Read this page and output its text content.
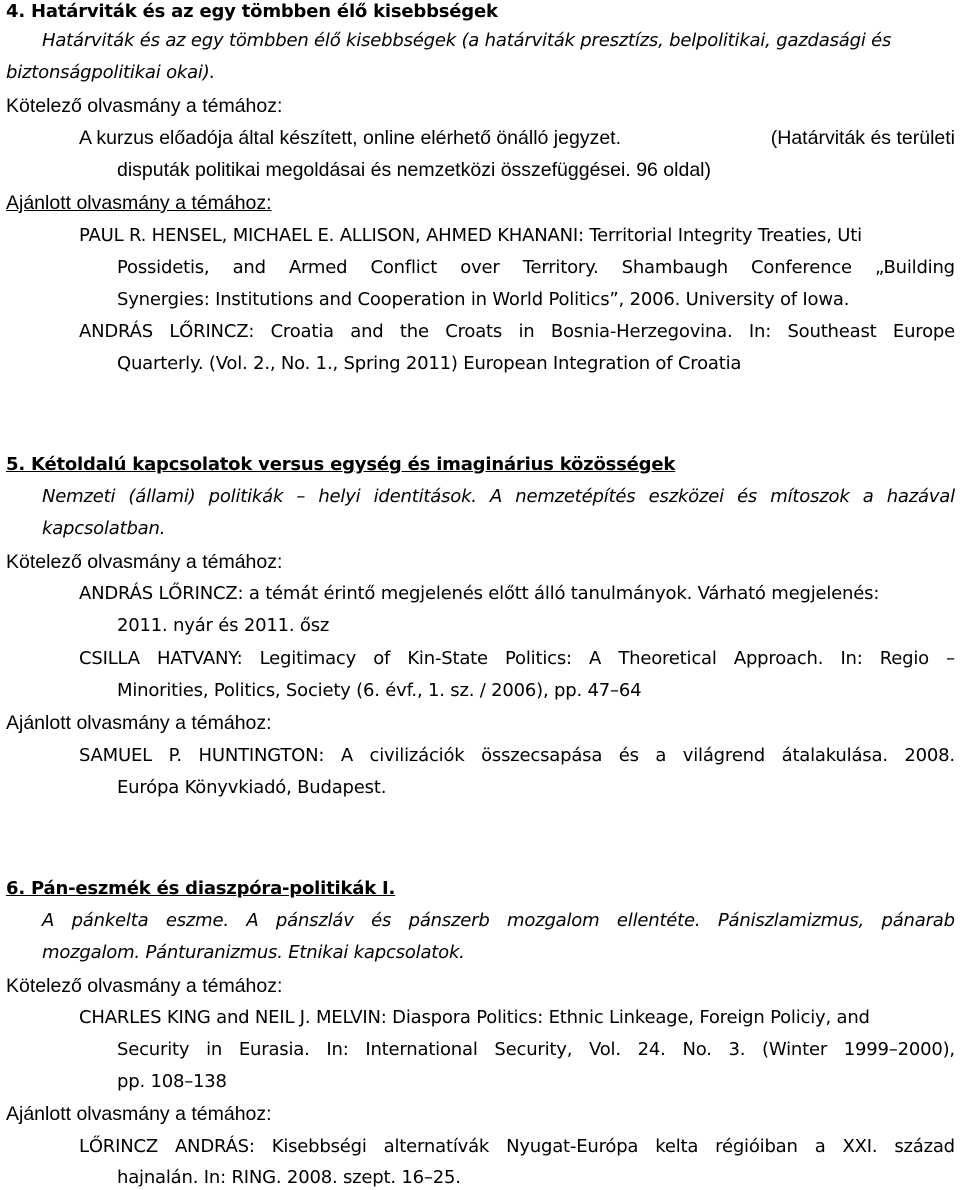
4. Határviták és az egy tömbben élő kisebbségek
Határviták és az egy tömbben élő kisebbségek (a határviták presztízs, belpolitikai, gazdasági és
biztonságpolitikai okai).
Kötelező olvasmány a témához:
A kurzus előadója által készített, online elérhető önálló jegyzet.	(Határviták és területi
disputák politikai megoldásai és nemzetközi összefüggései. 96 oldal)
Ajánlott olvasmány a témához:
PAUL R. HENSEL, MICHAEL E. ALLISON, AHMED KHANANI: Territorial Integrity Treaties, Uti
Possidetis, and Armed Conflict over Territory. Shambaugh Conference „Building
Synergies: Institutions and Cooperation in World Politics”, 2006. University of Iowa.
ANDRÁS LŐRINCZ: Croatia and the Croats in Bosnia-Herzegovina. In: Southeast Europe
Quarterly. (Vol. 2., No. 1., Spring 2011) European Integration of Croatia
5. Kétoldalú kapcsolatok versus egység és imaginárius közösségek
Nemzeti (állami) politikák – helyi identitások. A nemzetépítés eszközei és mítoszok a hazával
kapcsolatban.
Kötelező olvasmány a témához:
ANDRÁS LŐRINCZ: a témát érintő megjelenés előtt álló tanulmányok. Várható megjelenés:
2011. nyár és 2011. ősz
CSILLA HATVANY: Legitimacy of Kin-State Politics: A Theoretical Approach. In: Regio –
Minorities, Politics, Society (6. évf., 1. sz. / 2006), pp. 47–64
Ajánlott olvasmány a témához:
SAMUEL P. HUNTINGTON: A civilizációk összecsapása és a világrend átalakulása. 2008.
Európa Könyvkiadó, Budapest.
6. Pán-eszmék és diaszpóra-politikák I.
A pánkelta eszme. A pánszláv és pánszerb mozgalom ellentéte. Pániszlamizmus, pánarab
mozgalom. Pánturanizmus. Etnikai kapcsolatok.
Kötelező olvasmány a témához:
CHARLES KING and NEIL J. MELVIN: Diaspora Politics: Ethnic Linkeage, Foreign Policiy, and
Security in Eurasia. In: International Security, Vol. 24. No. 3. (Winter 1999–2000),
pp. 108–138
Ajánlott olvasmány a témához:
LŐRINCZ ANDRÁS: Kisebbségi alternatívák Nyugat-Európa kelta régióiban a XXI. század
hajnalán. In: RING. 2008. szept. 16–25.
